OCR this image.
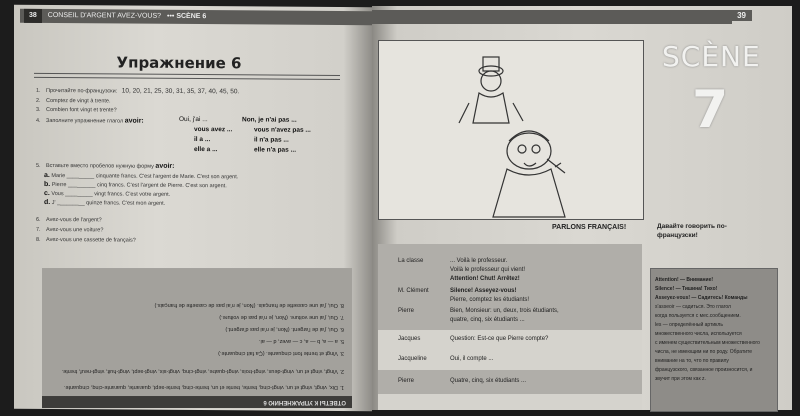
38 CONSEIL D'ARGENT AVEZ-VOUS? ••• SCÈNE 6
Упражнение 6
1. Прочитайте по-французски: 10, 20, 21, 25, 30, 31, 35, 37, 40, 45, 50.
2. Comptez de vingt à trente.
3. Combien font vingt et trente?
4. Заполните упражнение глагол avoir:	Oui, j'ai ...	Non, je n'ai pas ...
vous avez ...	vous n'avez pas ...
il a ...	il n'a pas ...
elle a ...	elle n'a pas ...
5. Вставьте вместо пробелов нужную форму avoir:
a. Marie _________ cinquante francs. C'est l'argent de Marie. C'est son argent.
b. Pierre _________ cinq francs. C'est l'argent de Pierre. C'est son argent.
c. Vous _________ vingt francs. C'est votre argent.
d. J' _________ quinze francs. C'est mon argent.
6. Avez-vous de l'argent?
7. Avez-vous une voiture?
8. Avez-vous une cassette de français?
ОТВЕТЫ К УПРАЖНЕНИЮ 6
1. Dix, vingt, vingt et un, vingt-cinq, trente, trente et un, trente-cinq, trente-sept, quarante, quarante-cinq, cinquante.
2. Vingt, vingt et un, vingt-deux, vingt-trois, vingt-quatre, vingt-cinq, vingt-six, vingt-sept, vingt-huit, vingt-neuf, trente.
3. Vingt et trente font cinquante. (Ça fait cinquante.)
5. a — a, b — a, c — avez, d — ai.
6. Oui, j'ai de l'argent. (Non, je n'ai pas d'argent.)
7. Oui, j'ai une voiture. (Non, je n'ai pas de voiture.)
8. Oui, j'ai une cassette de français. (Non, je n'ai pas de cassette de français.)
39
SCÈNE
7
PARLONS FRANÇAIS!	Давайте говорить по-французски!
La classe	... Voilà le professeur.
Voilà le professeur qui vient!
Attention! Chut! Arrêtez!
M. Clément	Silence! Asseyez-vous!
Pierre, comptez les étudiants!
Pierre	Bien, Monsieur: un, deux, trois étudiants,
quatre, cinq, six étudiants ...
Jacques	Question: Est-ce que Pierre compte?
Jacqueline	Oui, il compte ...
Pierre	Quatre, cinq, six étudiants ...
Attention! — Внимание!
Silence! — Тишина! Тихо!
Asseyez-vous! — Садитесь! Команды
s'asseoir — садиться. Это глагол
когда пользуется с мес.сообщением.
les — определённый артикль
множественного числа, используется
с именем существительным множественного
числа, не имеющим ни по роду. Обратите
внимание на то, что по правилу
французского, связанное произносится, и
звучит при этом как z.
